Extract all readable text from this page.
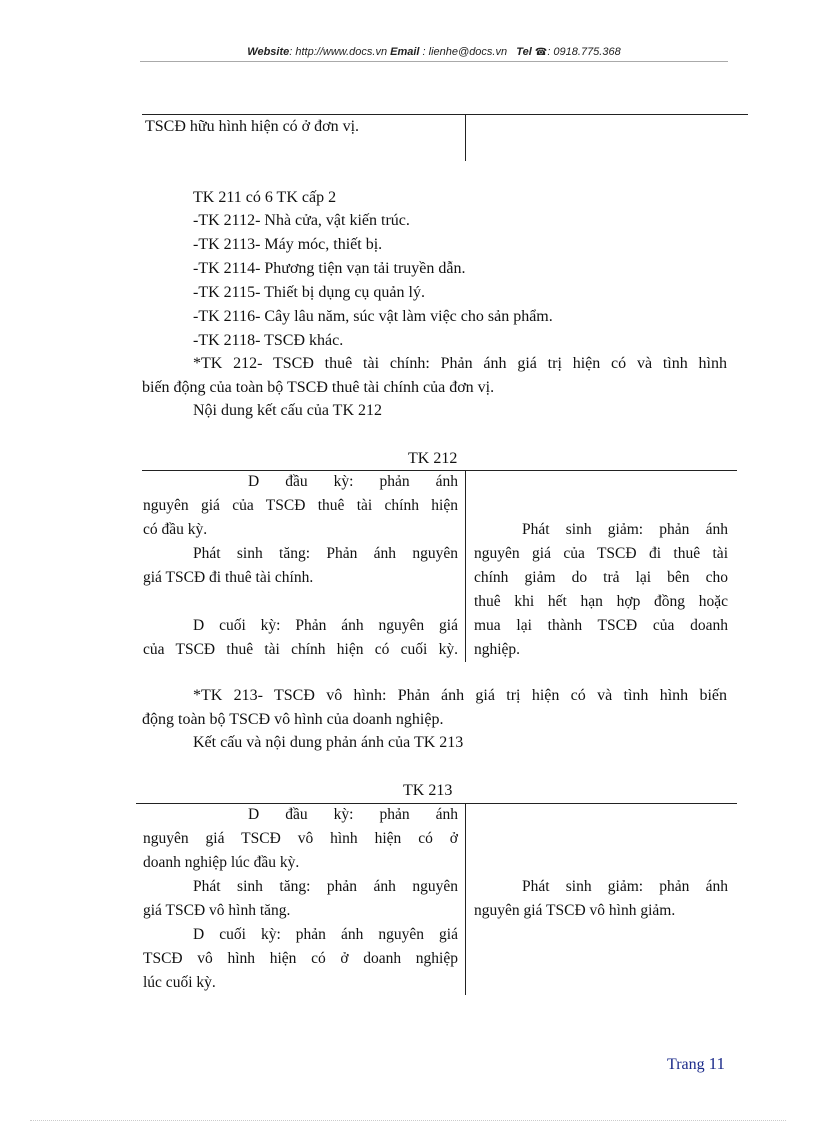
Website: http://www.docs.vn Email : lienhe@docs.vn Tel ☎: 0918.775.368
TSCĐ hữu hình hiện có ở đơn vị.
TK 211 có 6 TK cấp 2
-TK 2112- Nhà cửa, vật kiến trúc.
-TK 2113- Máy móc, thiết bị.
-TK 2114- Phương tiện vạn tải truyền dẫn.
-TK 2115- Thiết bị dụng cụ quản lý.
-TK 2116- Cây lâu năm, súc vật làm việc cho sản phẩm.
-TK 2118- TSCĐ khác.
*TK 212- TSCĐ thuê tài chính: Phản ánh giá trị hiện có và tình hình
biến động của toàn bộ TSCĐ thuê tài chính của đơn vị.
Nội dung kết cấu của TK 212
TK 212
D đầu kỳ: phản ánh
nguyên giá của TSCĐ thuê tài chính hiện
có đầu kỳ.
Phát sinh tăng: Phản ánh nguyên
giá TSCĐ đi thuê tài chính.

D cuối kỳ: Phản ánh nguyên giá
của TSCĐ thuê tài chính hiện có cuối kỳ.
Phát sinh giảm: phản ánh
nguyên giá của TSCĐ đi thuê tài
chính giảm do trả lại bên cho
thuê khi hết hạn hợp đồng hoặc
mua lại thành TSCĐ của doanh
nghiệp.
*TK 213- TSCĐ vô hình: Phản ánh giá trị hiện có và tình hình biến
động toàn bộ TSCĐ vô hình của doanh nghiệp.
Kết cấu và nội dung phản ánh của TK 213
TK 213
D đầu kỳ: phản ánh
nguyên giá TSCĐ vô hình hiện có ở
doanh nghiệp lúc đầu kỳ.
Phát sinh tăng: phản ánh nguyên
giá TSCĐ vô hình tăng.
D cuối kỳ: phản ánh nguyên giá
TSCĐ vô hình hiện có ở doanh nghiệp
lúc cuối kỳ.
Phát sinh giảm: phản ánh
nguyên giá TSCĐ vô hình giảm.
Trang 11
